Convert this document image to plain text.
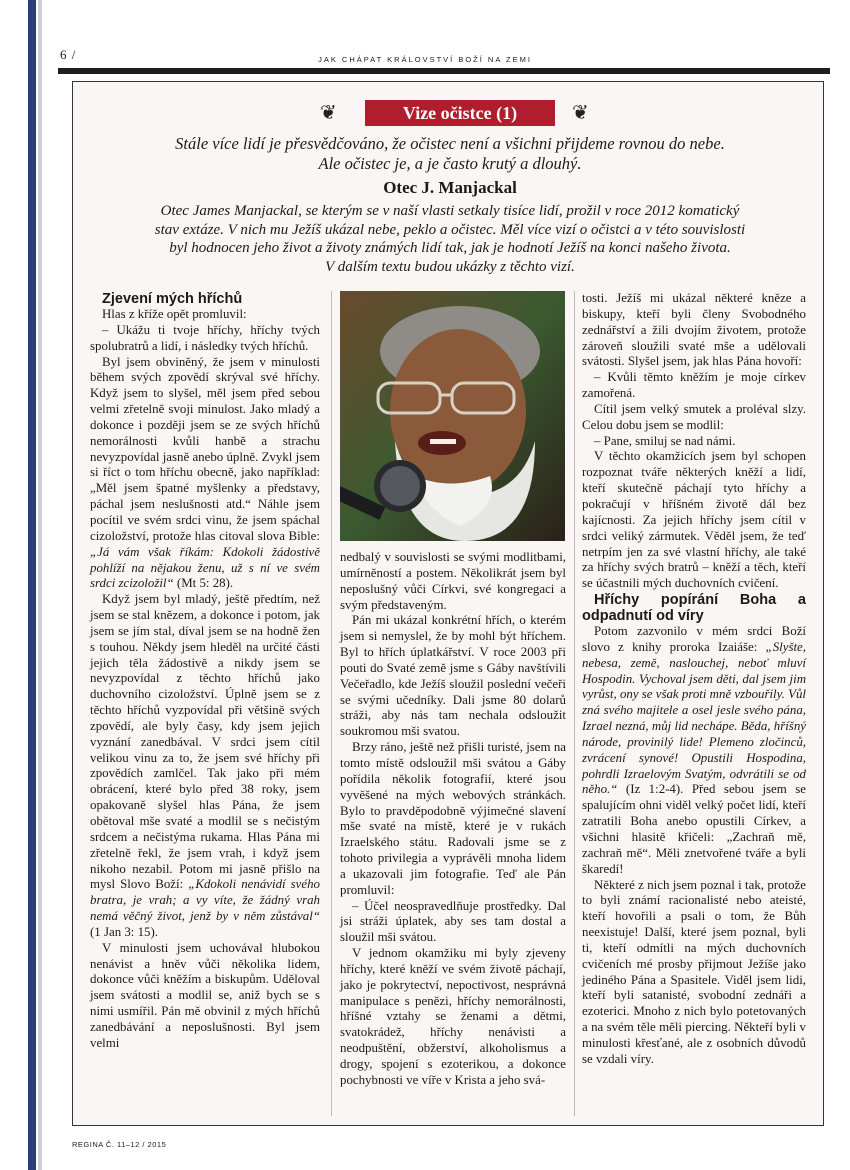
6 /	JAK CHÁPAT KRÁLOVSTVÍ BOŽÍ NA ZEMI
❦	Vize očistce (1)	❦
Stále více lidí je přesvědčováno, že očistec není a všichni přijdeme rovnou do nebe.
Ale očistec je, a je často krutý a dlouhý.
Otec J. Manjackal
Otec James Manjackal, se kterým se v naší vlasti setkaly tisíce lidí, prožil v roce 2012 komatický
stav extáze. V nich mu Ježíš ukázal nebe, peklo a očistec. Měl více vizí o očistci a v této souvislosti
byl hodnocen jeho život a životy známých lidí tak, jak je hodnotí Ježíš na konci našeho života.
V dalším textu budou ukázky z těchto vizí.

Zjevení mých hříchů

Hlas z kříže opět promluvil:

– Ukážu ti tvoje hříchy, hříchy tvých spolubratrů a lidí, i následky tvých hříchů.

Byl jsem obviněný, že jsem v minulosti během svých zpovědí skrýval své hříchy. Když jsem to slyšel, měl jsem před sebou velmi zřetelně svoji minulost. Jako mladý a dokonce i později jsem se ze svých hříchů nemorálnosti kvůli hanbě a strachu nevyzpovídal jasně anebo úplně. Zvykl jsem si říct o tom hříchu obecně, jako například: „Měl jsem špatné myšlenky a představy, páchal jsem neslušnosti atd.“ Náhle jsem pocítil ve svém srdci vinu, že jsem spáchal cizoložství, protože hlas citoval slova Bible: „Já vám však říkám: Kdokoli žádostivě pohlíží na nějakou ženu, už s ní ve svém srdci zcizoložil“ (Mt 5: 28).

Když jsem byl mladý, ještě předtím, než jsem se stal knězem, a dokonce i potom, jak jsem se jím stal, díval jsem se na hodně žen s touhou. Někdy jsem hleděl na určité části jejich těla žádostivě a nikdy jsem se nevyzpovídal z těchto hříchů jako duchovního cizoložství. Úplně jsem se z těchto hříchů vyzpovídal při většině svých zpovědí, ale byly časy, kdy jsem jejich vyznání zanedbával. V srdci jsem cítil velikou vinu za to, že jsem své hříchy při zpovědích zamlčel. Tak jako při mém obrácení, které bylo před 38 roky, jsem opakovaně slyšel hlas Pána, že jsem obětoval mše svaté a modlil se s nečistým srdcem a nečistýma rukama. Hlas Pána mi zřetelně řekl, že jsem vrah, i když jsem nikoho nezabil. Potom mi jasně přišlo na mysl Slovo Boží: „Kdokoli nenávidí svého bratra, je vrah; a vy víte, že žádný vrah nemá věčný život, jenž by v něm zůstával“ (1 Jan 3: 15).

V minulosti jsem uchovával hlubokou nenávist a hněv vůči několika lidem, dokonce vůči kněžím a biskupům. Uděloval jsem svátosti a modlil se, aniž bych se s nimi usmířil. Pán mě obvinil z mých hříchů zanedbávání a neposlušnosti. Byl jsem velmi

nedbalý v souvislosti se svými modlitbami, umírněností a postem. Několikrát jsem byl neposlušný vůči Církvi, své kongregaci a svým představeným.

Pán mi ukázal konkrétní hřích, o kterém jsem si nemyslel, že by mohl být hříchem. Byl to hřích úplatkářství. V roce 2003 při pouti do Svaté země jsme s Gáby navštívili Večeřadlo, kde Ježíš sloužil poslední večeři se svými učedníky. Dali jsme 80 dolarů stráži, aby nás tam nechala odsloužit soukromou mši svatou.

Brzy ráno, ještě než přišli turisté, jsem na tomto místě odsloužil mši svátou a Gáby pořídila několik fotografií, které jsou vyvěšené na mých webových stránkách. Bylo to pravděpodobně výjimečné slavení mše svaté na místě, které je v rukách Izraelského státu. Radovali jsme se z tohoto privilegia a vyprávěli mnoha lidem a ukazovali jim fotografie. Teď ale Pán promluvil:

– Účel neospravedlňuje prostředky. Dal jsi stráži úplatek, aby ses tam dostal a sloužil mši svátou.

V jednom okamžiku mi byly zjeveny hříchy, které kněží ve svém životě páchají, jako je pokrytectví, nepoctivost, nesprávná manipulace s penězi, hříchy nemorálnosti, hříšné vztahy se ženami a dětmi, svatokrádež, hříchy nenávisti a neodpuštění, obžerství, alkoholismus a drogy, spojení s ezoterikou, a dokonce pochybnosti ve víře v Krista a jeho svá-

tosti. Ježíš mi ukázal některé kněze a biskupy, kteří byli členy Svobodného zednářství a žili dvojím životem, protože zároveň sloužili svaté mše a udělovali svátosti. Slyšel jsem, jak hlas Pána hovoří:

– Kvůli těmto kněžím je moje církev zamořená.

Cítil jsem velký smutek a proléval slzy. Celou dobu jsem se modlil:

– Pane, smiluj se nad námi.

V těchto okamžicích jsem byl schopen rozpoznat tváře některých kněží a lidí, kteří skutečně páchají tyto hříchy a pokračují v hříšném životě dál bez kajícnosti. Za jejich hříchy jsem cítil v srdci veliký zármutek. Věděl jsem, že teď netrpím jen za své vlastní hříchy, ale také za hříchy svých bratrů – kněží a těch, kteří se účastnili mých duchovních cvičení.

Hříchy popírání Boha a odpadnutí od víry

Potom zazvonilo v mém srdci Boží slovo z knihy proroka Izaiáše: „Slyšte, nebesa, země, naslouchej, neboť mluví Hospodin. Vychoval jsem děti, dal jsem jim vyrůst, ony se však proti mně vzbouřily. Vůl zná svého majitele a osel jesle svého pána, Izrael nezná, můj lid nechápe. Běda, hříšný národe, provinilý lide! Plemeno zločinců, zvrácení synové! Opustili Hospodina, pohrdli Izraelovým Svatým, odvrátili se od něho.“ (Iz 1:2-4). Před sebou jsem se spalujícím ohni viděl velký počet lidí, kteří zatratili Boha anebo opustili Církev, a všichni hlasitě křičeli: „Zachraň mě, zachraň mě“. Měli znetvořené tváře a byli škaredí!

Některé z nich jsem poznal i tak, protože to byli známí racionalisté nebo ateisté, kteří hovořili a psali o tom, že Bůh neexistuje! Další, které jsem poznal, byli ti, kteří odmítli na mých duchovních cvičeních mé prosby přijmout Ježíše jako jediného Pána a Spasitele. Viděl jsem lidi, kteří byli satanisté, svobodní zednáři a ezoterici. Mnoho z nich bylo potetovaných a na svém těle měli piercing. Někteří byli v minulosti křesťané, ale z osobních důvodů se vzdali víry.

REGINA Č. 11–12 / 2015
